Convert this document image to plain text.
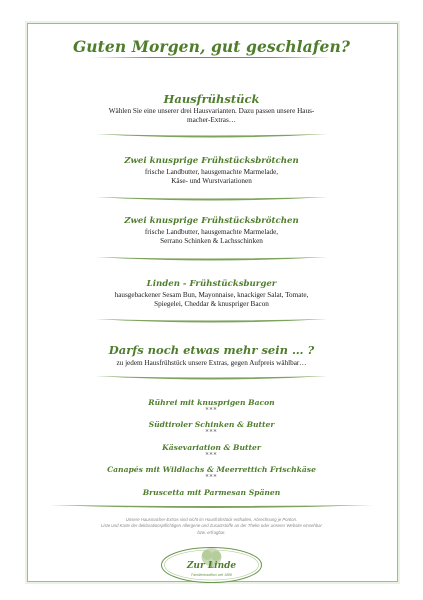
Guten Morgen, gut geschlafen?
Hausfrühstück
Wählen Sie eine unserer drei Hausvarianten. Dazu passen unsere Haus-
macher-Extras…
Zwei knusprige Frühstücksbrötchen
frische Landbutter, hausgemachte Marmelade,
Käse- und Wurstvariationen
Zwei knusprige Frühstücksbrötchen
frische Landbutter, hausgemachte Marmelade,
Serrano Schinken & Lachsschinken
Linden - Frühstücksburger
hausgebackener Sesam Bun, Mayonnaise, knackiger Salat, Tomate,
Spiegelei, Cheddar & knuspriger Bacon
Darfs noch etwas mehr sein … ?
zu jedem Hausfrühstück unsere Extras, gegen Aufpreis wählbar…
Rührei mit knusprigen Bacon
***
Südtiroler Schinken & Butter
***
Käsevariation & Butter
***
Canapés mit Wildlachs & Meerrettich Frischkäse
***
Bruscetta mit Parmesan Spänen
Unsere Hausmacher-Extras sind nicht im Hausfrühstück enthalten, Abrechnung je Portion.
Liste und Karte der deklarationspflichtigen Allergene und Zusatzstoffe an der Theke oder unserer Website einsehbar
bzw. erfragbar.
Zur Linde
Familientradition seit 1888
